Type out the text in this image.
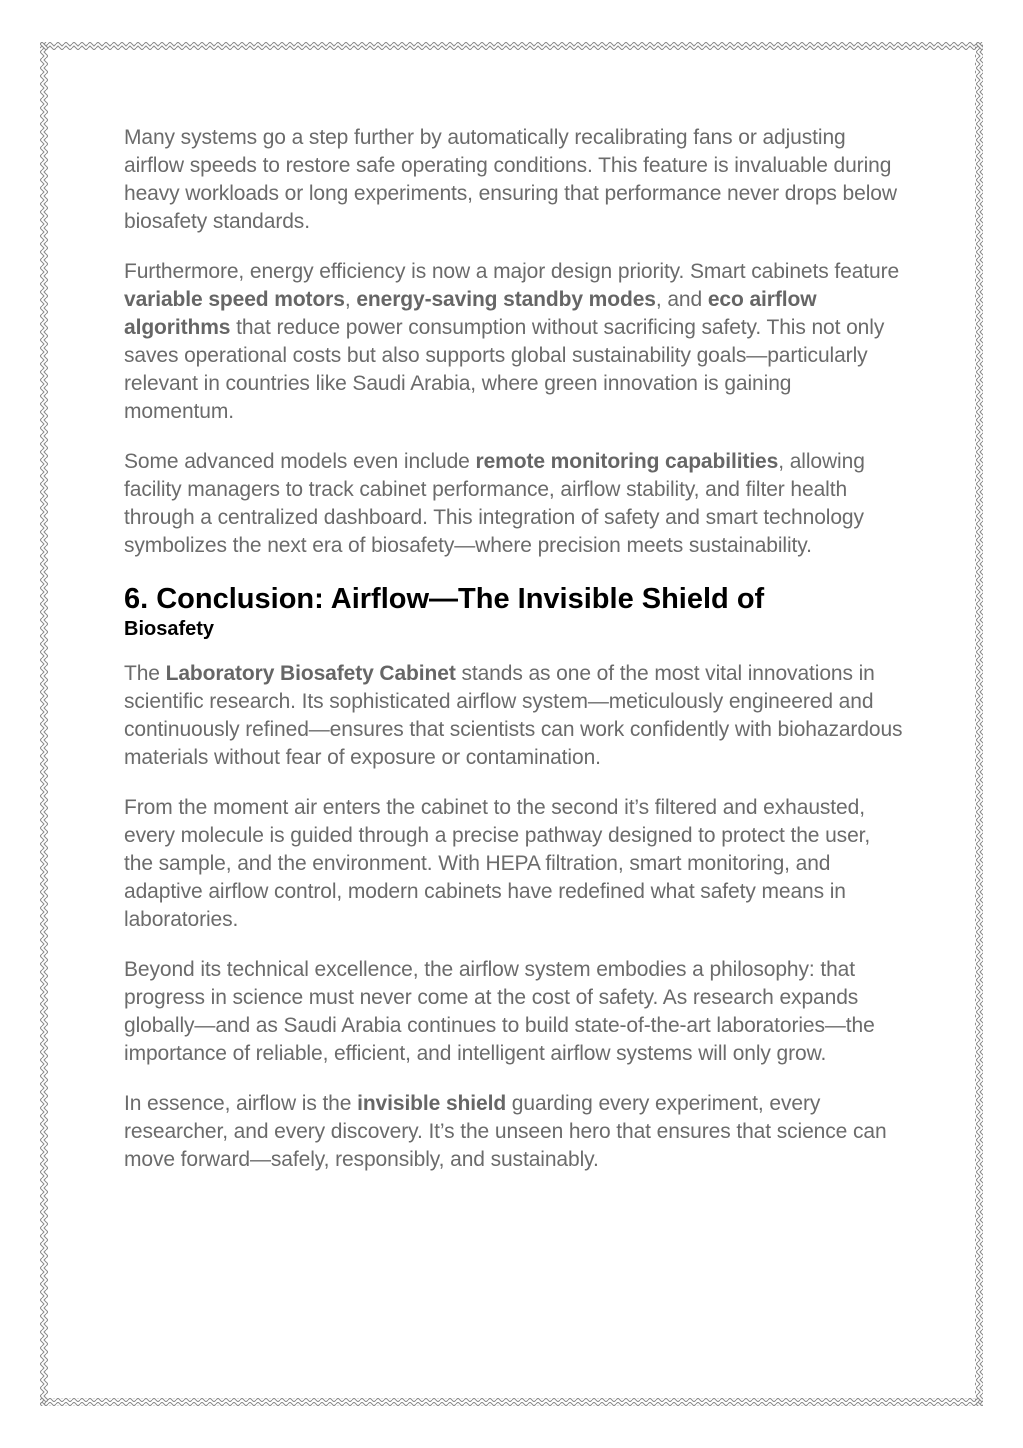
Many systems go a step further by automatically recalibrating fans or adjusting airflow speeds to restore safe operating conditions. This feature is invaluable during heavy workloads or long experiments, ensuring that performance never drops below biosafety standards.

Furthermore, energy efficiency is now a major design priority. Smart cabinets feature variable speed motors, energy-saving standby modes, and eco airflow algorithms that reduce power consumption without sacrificing safety. This not only saves operational costs but also supports global sustainability goals—particularly relevant in countries like Saudi Arabia, where green innovation is gaining momentum.

Some advanced models even include remote monitoring capabilities, allowing facility managers to track cabinet performance, airflow stability, and filter health through a centralized dashboard. This integration of safety and smart technology symbolizes the next era of biosafety—where precision meets sustainability.

6. Conclusion: Airflow—The Invisible Shield of
Biosafety

The Laboratory Biosafety Cabinet stands as one of the most vital innovations in scientific research. Its sophisticated airflow system—meticulously engineered and continuously refined—ensures that scientists can work confidently with biohazardous materials without fear of exposure or contamination.

From the moment air enters the cabinet to the second it’s filtered and exhausted, every molecule is guided through a precise pathway designed to protect the user, the sample, and the environment. With HEPA filtration, smart monitoring, and adaptive airflow control, modern cabinets have redefined what safety means in laboratories.

Beyond its technical excellence, the airflow system embodies a philosophy: that progress in science must never come at the cost of safety. As research expands globally—and as Saudi Arabia continues to build state-of-the-art laboratories—the importance of reliable, efficient, and intelligent airflow systems will only grow.

In essence, airflow is the invisible shield guarding every experiment, every researcher, and every discovery. It’s the unseen hero that ensures that science can move forward—safely, responsibly, and sustainably.
